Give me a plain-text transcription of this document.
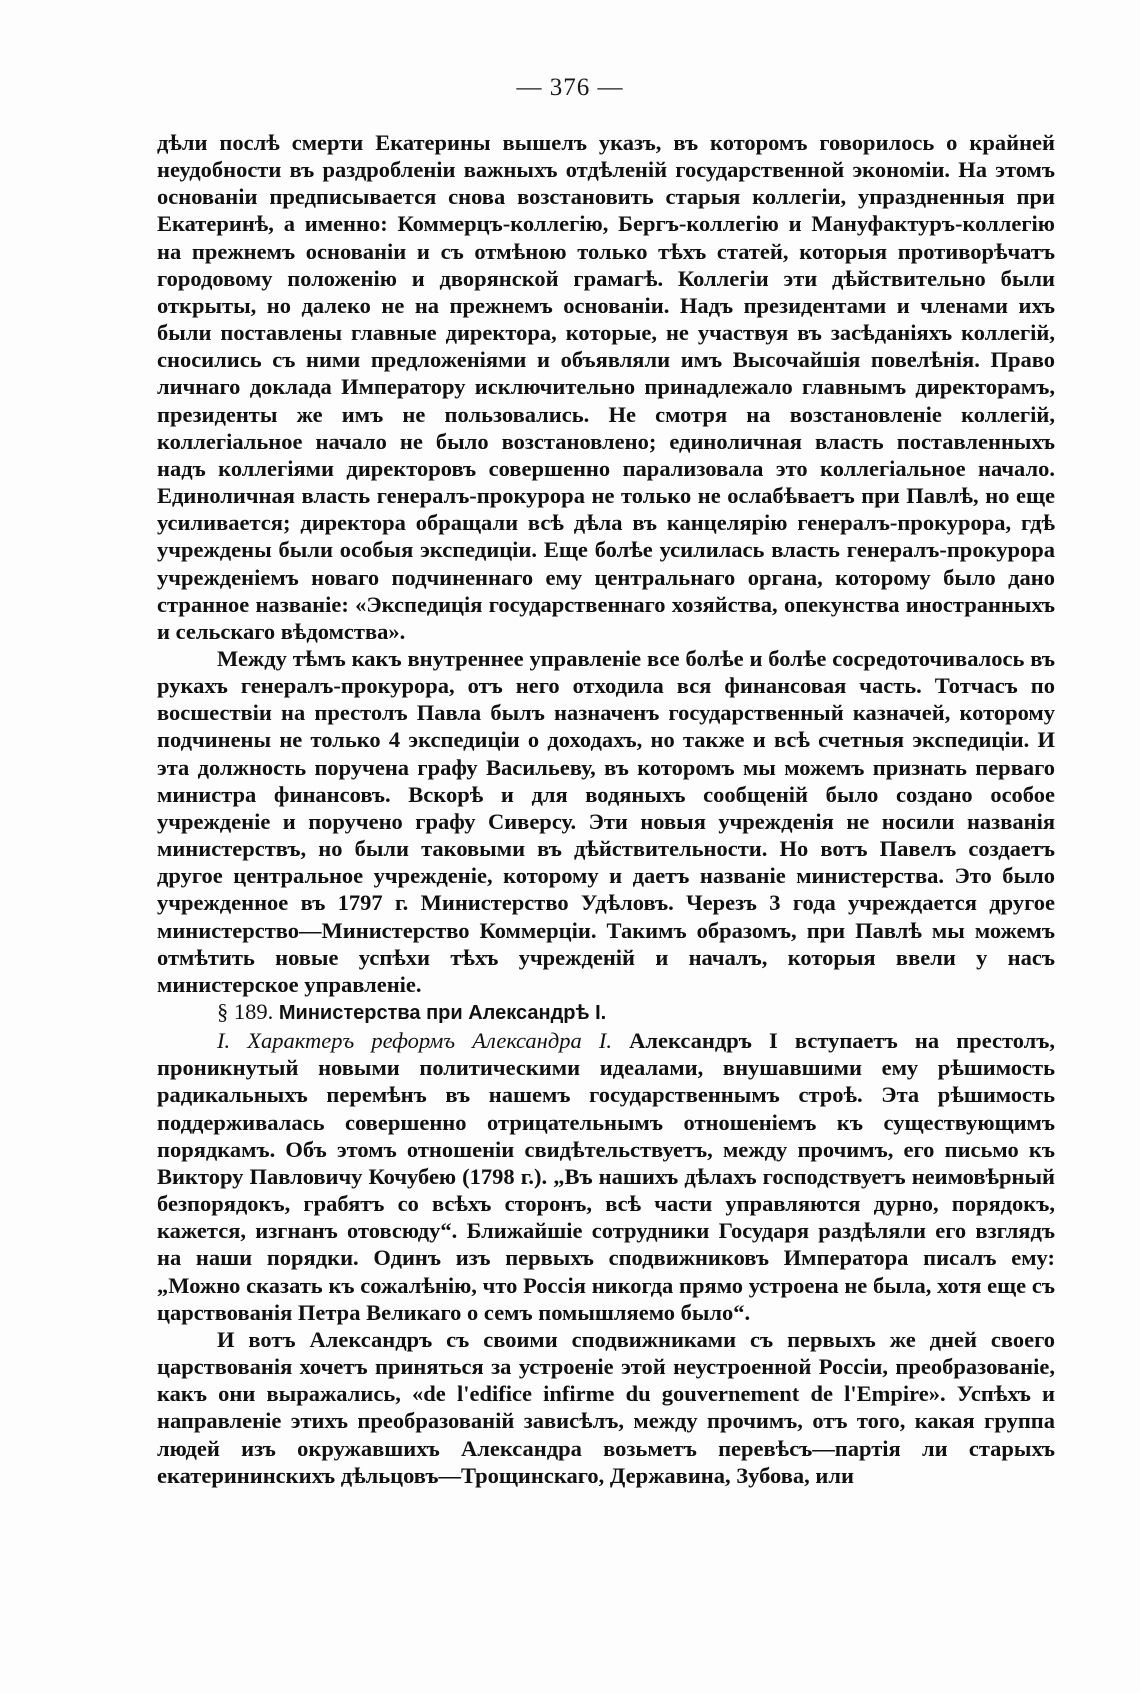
— 376 —

дѣли послѣ смерти Екатерины вышелъ указъ, въ которомъ говорилось о крайней неудобности въ раздробленіи важныхъ отдѣленій государственной экономіи. На этомъ основаніи предписывается снова возстановить старыя коллегіи, упраздненныя при Екатеринѣ, а именно: Коммерцъ-коллегію, Бергъ-коллегію и Мануфактуръ-коллегію на прежнемъ основаніи и съ отмѣною только тѣхъ статей, которыя противорѣчатъ городовому положенію и дворянской грамагѣ. Коллегіи эти дѣйствительно были открыты, но далеко не на прежнемъ основаніи. Надъ президентами и членами ихъ были поставлены главные директора, которые, не участвуя въ засѣданіяхъ коллегій, сносились съ ними предложеніями и объявляли имъ Высочайшія повелѣнія. Право личнаго доклада Императору исключительно принадлежало главнымъ директорамъ, президенты же имъ не пользовались. Не смотря на возстановленіе коллегій, коллегіальное начало не было возстановлено; единоличная власть поставленныхъ надъ коллегіями директоровъ совершенно парализовала это коллегіальное начало. Единоличная власть генералъ-прокурора не только не ослабѣваетъ при Павлѣ, но еще усиливается; директора обращали всѣ дѣла въ канцелярію генералъ-прокурора, гдѣ учреждены были особыя экспедиціи. Еще болѣе усилилась власть генералъ-прокурора учрежденіемъ новаго подчиненнаго ему центральнаго органа, которому было дано странное названіе: «Экспедиція государственнаго хозяйства, опекунства иностранныхъ и сельскаго вѣдомства».

Между тѣмъ какъ внутреннее управленіе все болѣе и болѣе сосредоточивалось въ рукахъ генералъ-прокурора, отъ него отходила вся финансовая часть. Тотчасъ по восшествіи на престолъ Павла былъ назначенъ государственный казначей, которому подчинены не только 4 экспедиціи о доходахъ, но также и всѣ счетныя экспедиціи. И эта должность поручена графу Васильеву, въ которомъ мы можемъ признать перваго министра финансовъ. Вскорѣ и для водяныхъ сообщеній было создано особое учрежденіе и поручено графу Сиверсу. Эти новыя учрежденія не носили названія министерствъ, но были таковыми въ дѣйствительности. Но вотъ Павелъ создаетъ другое центральное учрежденіе, которому и даетъ названіе министерства. Это было учрежденное въ 1797 г. Министерство Удѣловъ. Черезъ 3 года учреждается другое министерство—Министерство Коммерціи. Такимъ образомъ, при Павлѣ мы можемъ отмѣтить новые успѣхи тѣхъ учрежденій и началъ, которыя ввели у насъ министерское управленіе.

§ 189. Министерства при Александрѣ I.

I. Характеръ реформъ Александра I. Александръ I вступаетъ на престолъ, проникнутый новыми политическими идеалами, внушавшими ему рѣшимость радикальныхъ перемѣнъ въ нашемъ государственнымъ строѣ. Эта рѣшимость поддерживалась совершенно отрицательнымъ отношеніемъ къ существующимъ порядкамъ. Объ этомъ отношеніи свидѣтельствуетъ, между прочимъ, его письмо къ Виктору Павловичу Кочубею (1798 г.). „Въ нашихъ дѣлахъ господствуетъ неимовѣрный безпорядокъ, грабятъ со всѣхъ сторонъ, всѣ части управляются дурно, порядокъ, кажется, изгнанъ отовсюду“. Ближайшіе сотрудники Государя раздѣляли его взглядъ на наши порядки. Одинъ изъ первыхъ сподвижниковъ Императора писалъ ему: „Можно сказать къ сожалѣнію, что Россія никогда прямо устроена не была, хотя еще съ царствованія Петра Великаго о семъ помышляемо было“.

И вотъ Александръ съ своими сподвижниками съ первыхъ же дней своего царствованія хочетъ приняться за устроеніе этой неустроенной Россіи, преобразованіе, какъ они выражались, «de l'edifice infirme du gouvernement de l'Empire». Успѣхъ и направленіе этихъ преобразованій зависѣлъ, между прочимъ, отъ того, какая группа людей изъ окружавшихъ Александра возьметъ перевѣсъ—партія ли старыхъ екатерининскихъ дѣльцовъ—Трощинскаго, Державина, Зубова, или
